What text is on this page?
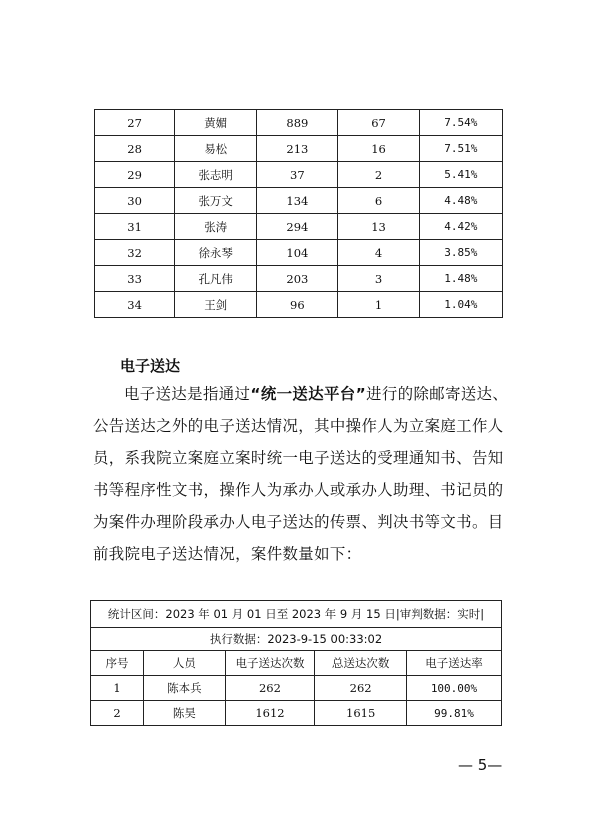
27	黄媚	889	67	7.54%
28	易松	213	16	7.51%
29	张志明	37	2	5.41%
30	张万文	134	6	4.48%
31	张涛	294	13	4.42%
32	徐永琴	104	4	3.85%
33	孔凡伟	203	3	1.48%
34	王剑	96	1	1.04%
电子送达

电子送达是指通过“统一送达平台”进行的除邮寄送达、公告送达之外的电子送达情况，其中操作人为立案庭工作人员，系我院立案庭立案时统一电子送达的受理通知书、告知书等程序性文书，操作人为承办人或承办人助理、书记员的为案件办理阶段承办人电子送达的传票、判决书等文书。目前我院电子送达情况，案件数量如下：

统计区间：2023 年 01 月 01 日至 2023 年 9 月 15 日|审判数据：实时|				
执行数据：2023-9-15 00:33:02				
序号	人员	电子送达次数	总送达次数	电子送达率
1	陈本兵	262	262	100.00%
2	陈昊	1612	1615	99.81%
— 5—
